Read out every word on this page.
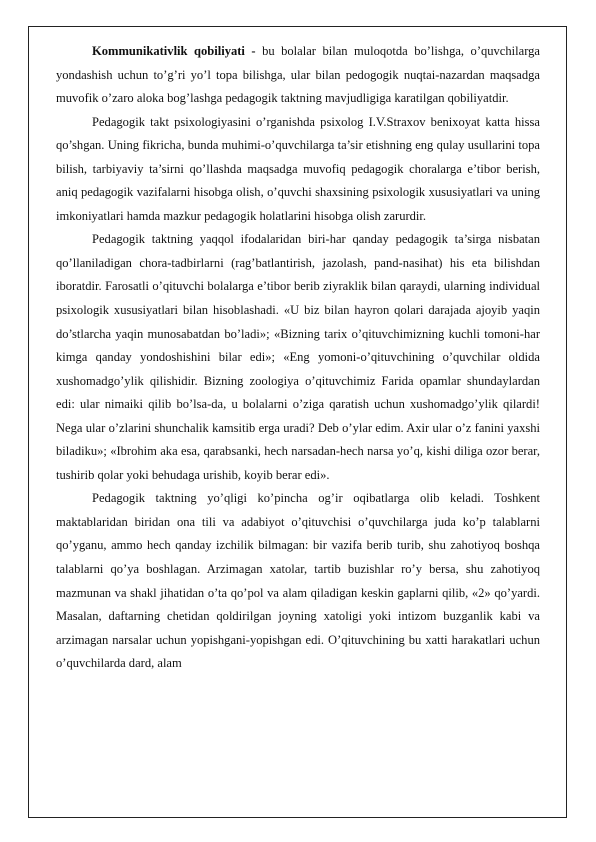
Kommunikativlik qobiliyati - bu bolalar bilan muloqotda bo’lishga, o’quvchilarga yondashish uchun to’g’ri yo’l topa bilishga, ular bilan pedogogik nuqtai-nazardan maqsadga muvofik o’zaro aloka bog’lashga pedagogik taktning mavjudligiga karatilgan qobiliyatdir.

Pedagogik takt psixologiyasini o’rganishda psixolog I.V.Straxov benixoyat katta hissa qo’shgan. Uning fikricha, bunda muhimi-o’quvchilarga ta’sir etishning eng qulay usullarini topa bilish, tarbiyaviy ta’sirni qo’llashda maqsadga muvofiq pedagogik choralarga e’tibor berish, aniq pedagogik vazifalarni hisobga olish, o’quvchi shaxsining psixologik xususiyatlari va uning imkoniyatlari hamda mazkur pedagogik holatlarini hisobga olish zarurdir.

Pedagogik taktning yaqqol ifodalaridan biri-har qanday pedagogik ta’sirga nisbatan qo’llaniladigan chora-tadbirlarni (rag’batlantirish, jazolash, pand-nasihat) his eta bilishdan iboratdir. Farosatli o’qituvchi bolalarga e’tibor berib ziyraklik bilan qaraydi, ularning individual psixologik xususiyatlari bilan hisoblashadi. «U biz bilan hayron qolari darajada ajoyib yaqin do’stlarcha yaqin munosabatdan bo’ladi»; «Bizning tarix o’qituvchimizning kuchli tomoni-har kimga qanday yondoshishini bilar edi»; «Eng yomoni-o’qituvchining o’quvchilar oldida xushomadgo’ylik qilishidir. Bizning zoologiya o’qituvchimiz Farida opamlar shundaylardan edi: ular nimaiki qilib bo’lsa-da, u bolalarni o’ziga qaratish uchun xushomadgo’ylik qilardi! Nega ular o’zlarini shunchalik kamsitib erga uradi? Deb o’ylar edim. Axir ular o’z fanini yaxshi biladiku»; «Ibrohim aka esa, qarabsanki, hech narsadan-hech narsa yo’q, kishi diliga ozor berar, tushirib qolar yoki behudaga urishib, koyib berar edi».

Pedagogik taktning yo’qligi ko’pincha og’ir oqibatlarga olib keladi. Toshkent maktablaridan biridan ona tili va adabiyot o’qituvchisi o’quvchilarga juda ko’p talablarni qo’yganu, ammo hech qanday izchilik bilmagan: bir vazifa berib turib, shu zahotiyoq boshqa talablarni qo’ya boshlagan. Arzimagan xatolar, tartib buzishlar ro’y bersa, shu zahotiyoq mazmunan va shakl jihatidan o’ta qo’pol va alam qiladigan keskin gaplarni qilib, «2» qo’yardi. Masalan, daftarning chetidan qoldirilgan joyning xatoligi yoki intizom buzganlik kabi va arzimagan narsalar uchun yopishgani-yopishgan edi. O’qituvchining bu xatti harakatlari uchun o’quvchilarda dard, alam
